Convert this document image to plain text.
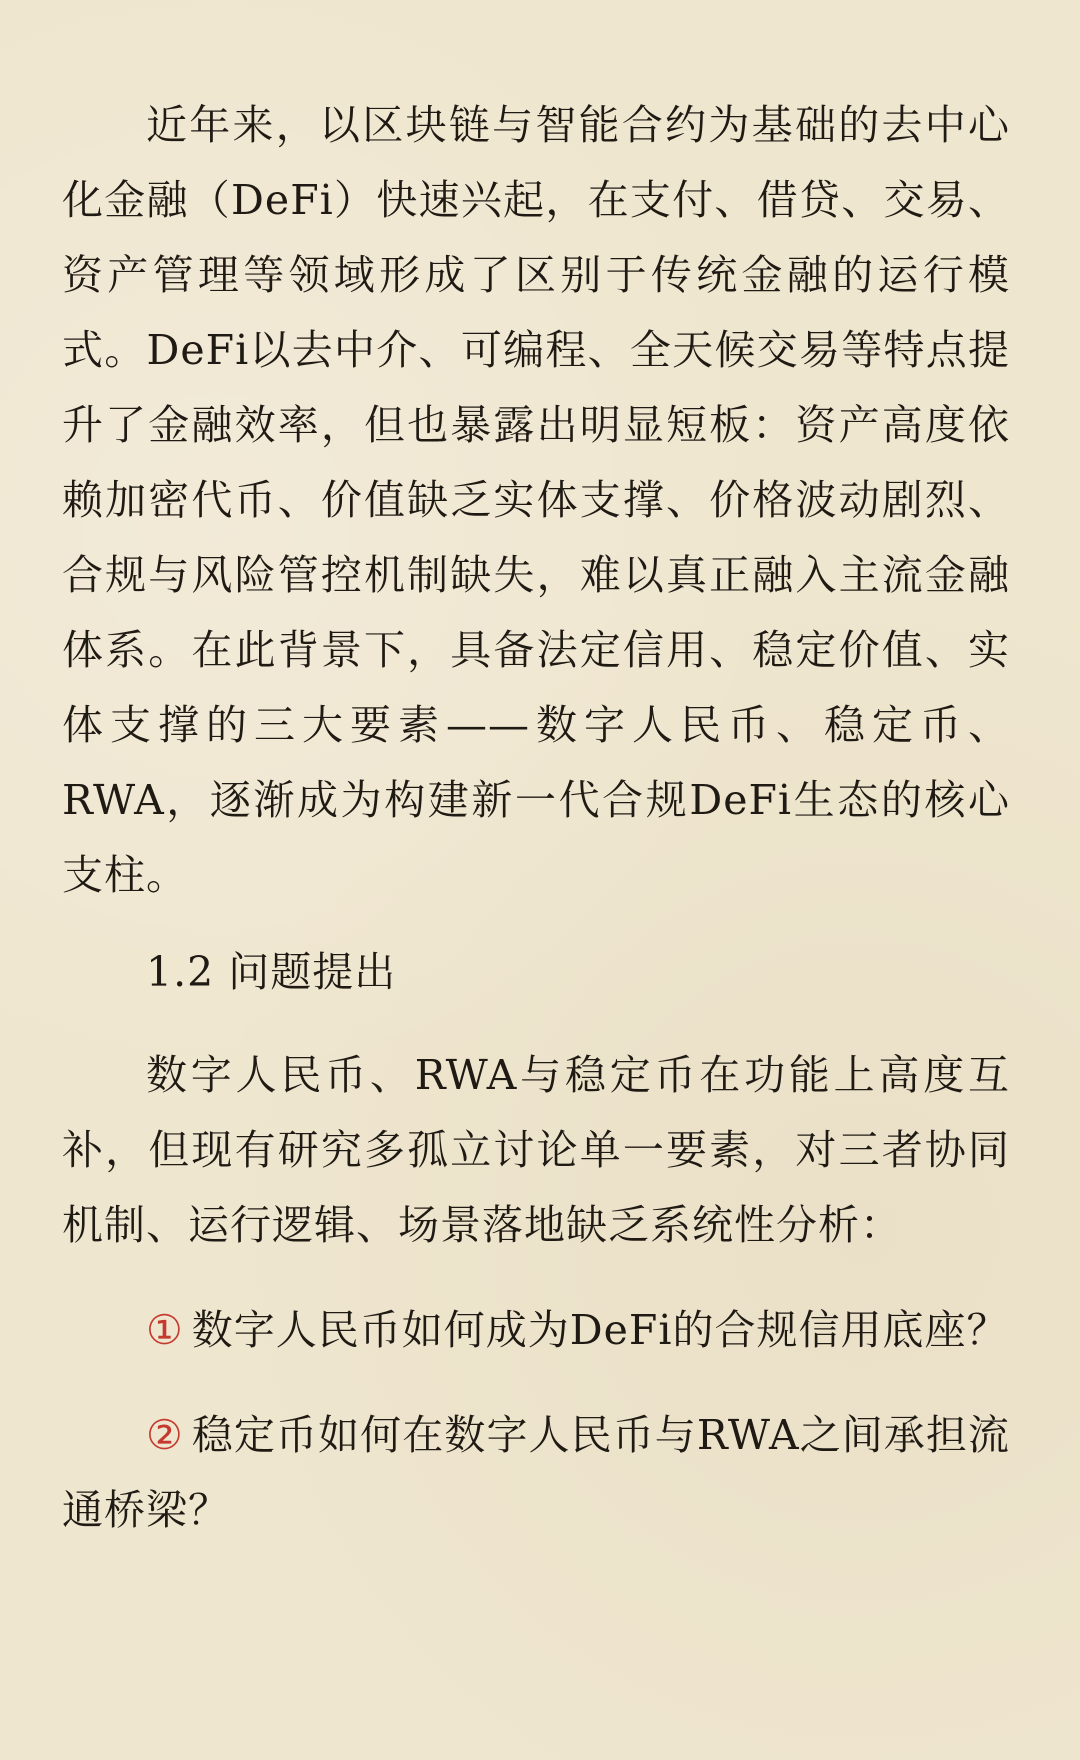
近年来，以区块链与智能合约为基础的去中心化金融（DeFi）快速兴起，在支付、借贷、交易、资产管理等领域形成了区别于传统金融的运行模式。DeFi以去中介、可编程、全天候交易等特点提升了金融效率，但也暴露出明显短板：资产高度依赖加密代币、价值缺乏实体支撑、价格波动剧烈、合规与风险管控机制缺失，难以真正融入主流金融体系。在此背景下，具备法定信用、稳定价值、实体支撑的三大要素——数字人民币、稳定币、RWA，逐渐成为构建新一代合规DeFi生态的核心支柱。

1.2 问题提出

数字人民币、RWA与稳定币在功能上高度互补，但现有研究多孤立讨论单一要素，对三者协同机制、运行逻辑、场景落地缺乏系统性分析：

① 数字人民币如何成为DeFi的合规信用底座？

② 稳定币如何在数字人民币与RWA之间承担流通桥梁？
